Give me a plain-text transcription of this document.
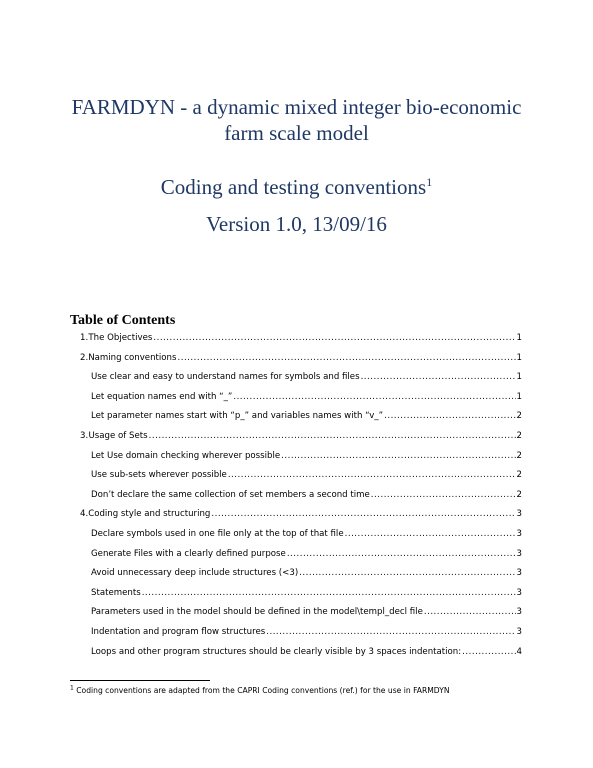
FARMDYN - a dynamic mixed integer bio-economic
farm scale model
Coding and testing conventions$^1$
Version 1.0, 13/09/16
Table of Contents
1. The Objectives .....	1
2. Naming conventions .....	1
Use clear and easy to understand names for symbols and files .....	1
Let equation names end with “_” .....	1
Let parameter names start with “p_” and variables names with “v_” .....	2
3. Usage of Sets .....	2
Let Use domain checking wherever possible .....	2
Use sub-sets wherever possible .....	2
Don’t declare the same collection of set members a second time .....	2
4. Coding style and structuring .....	3
Declare symbols used in one file only at the top of that file .....	3
Generate Files with a clearly defined purpose .....	3
Avoid unnecessary deep include structures (<3) .....	3
Statements .....	3
Parameters used in the model should be defined in the model\templ_decl file .....	3
Indentation and program flow structures .....	3
Loops and other program structures should be clearly visible by 3 spaces indentation: .....	4
$^1$ Coding conventions are adapted from the CAPRI Coding conventions (ref.) for the use in FARMDYN
